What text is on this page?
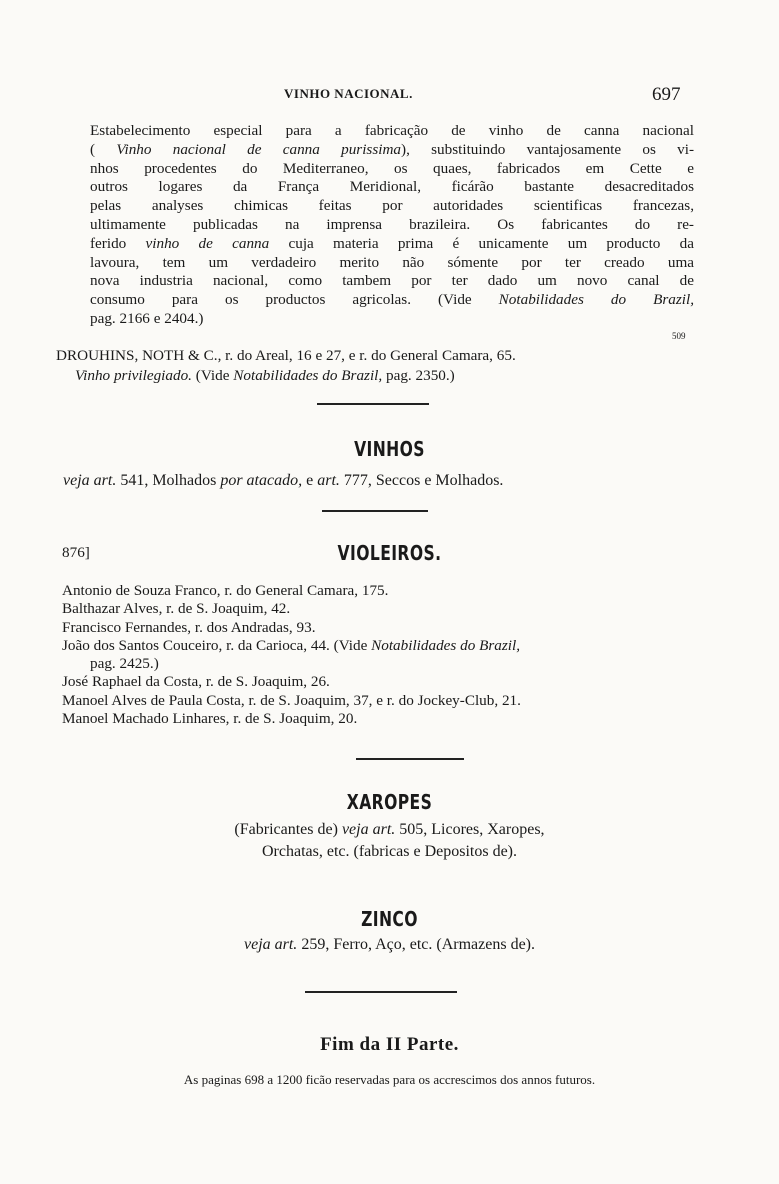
VINHO NACIONAL.	697
Estabelecimento especial para a fabricação de vinho de canna nacional
( Vinho nacional de canna purissima), substituindo vantajosamente os vi-
nhos procedentes do Mediterraneo, os quaes, fabricados em Cette e
outros logares da França Meridional, ficárão bastante desacreditados
pelas analyses chimicas feitas por autoridades scientificas francezas,
ultimamente publicadas na imprensa brazileira. Os fabricantes do re-
ferido vinho de canna cuja materia prima é unicamente um producto da
lavoura, tem um verdadeiro merito não sómente por ter creado uma
nova industria nacional, como tambem por ter dado um novo canal de
consumo para os productos agricolas. (Vide Notabilidades do Brazil,
pag. 2166 e 2404.)
509
DROUHINS, NOTH & C., r. do Areal, 16 e 27, e r. do General Camara, 65.
Vinho privilegiado. (Vide Notabilidades do Brazil, pag. 2350.)
VINHOS
veja art. 541, Molhados por atacado, e art. 777, Seccos e Molhados.
876]	VIOLEIROS.
Antonio de Souza Franco, r. do General Camara, 175.
Balthazar Alves, r. de S. Joaquim, 42.
Francisco Fernandes, r. dos Andradas, 93.
João dos Santos Couceiro, r. da Carioca, 44. (Vide Notabilidades do Brazil,
pag. 2425.)
José Raphael da Costa, r. de S. Joaquim, 26.
Manoel Alves de Paula Costa, r. de S. Joaquim, 37, e r. do Jockey-Club, 21.
Manoel Machado Linhares, r. de S. Joaquim, 20.
XAROPES
(Fabricantes de) veja art. 505, Licores, Xaropes,
Orchatas, etc. (fabricas e Depositos de).
ZINCO
veja art. 259, Ferro, Aço, etc. (Armazens de).
Fim da II Parte.
As paginas 698 a 1200 ficão reservadas para os accrescimos dos annos futuros.
